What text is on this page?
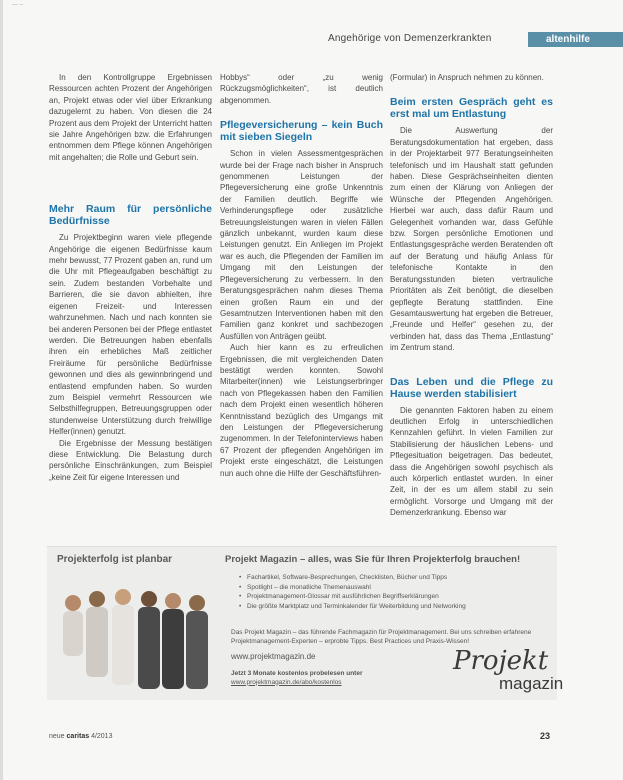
— –
Angehörige von Demenzerkrankten	altenhilfe

In den Kontrollgruppe Ergebnissen Ressourcen achten Prozent der Angehörigen an, Projekt etwas oder viel über Erkrankung dazugelernt zu haben. Von diesen die 24 Prozent aus dem Projekt der Unterricht hatten sie Jahre Angehörigen bzw. die Erfahrungen entnommen dem Pflege können Angehörigen mit angehalten; die Rolle und Geburt sein.

Mehr Raum für persönliche Bedürfnisse

Zu Projektbeginn waren viele pflegende Angehörige die eigenen Bedürfnisse kaum mehr bewusst, 77 Prozent gaben an, rund um die Uhr mit Pflegeaufgaben beschäftigt zu sein. Zudem bestanden Vorbehalte und Barrieren, die sie davon abhielten, ihre eigenen Freizeit- und Interessen wahrzunehmen. Nach und nach konnten sie bei anderen Personen bei der Pflege entlastet werden. Die Betreuungen haben ebenfalls ihren ein erhebliches Maß zeitlicher Freiräume für persönliche Bedürfnisse gewonnen und dies als gewinnbringend und entlastend empfunden haben. So wurden zum Beispiel vermehrt Ressourcen wie Selbsthilfegruppen, Betreuungsgruppen oder stundenweise Unterstützung durch freiwillige Helfer(innen) genutzt.

Die Ergebnisse der Messung bestätigen diese Entwicklung. Die Belastung durch persönliche Einschränkungen, zum Beispiel „keine Zeit für eigene Interessen und

Hobbys“ oder „zu wenig Rückzugsmöglichkeiten“, ist deutlich abgenommen.

Pflegeversicherung – kein Buch mit sieben Siegeln

Schon in vielen Assessmentgesprächen wurde bei der Frage nach bisher in Anspruch genommenen Leistungen der Pflegeversicherung eine große Unkenntnis der Familien deutlich. Begriffe wie Verhinderungspflege oder zusätzliche Betreuungsleistungen waren in vielen Fällen gänzlich unbekannt, wurden kaum diese Leistungen genutzt. Ein Anliegen im Projekt war es auch, die Pflegenden der Familien im Umgang mit den Leistungen der Pflegeversicherung zu verbessern. In den Beratungsgesprächen nahm dieses Thema einen großen Raum ein und der Gesamtnutzen Interventionen haben mit den Familien ganz konkret und sachbezogen Ausfüllen von Anträgen geübt.

Auch hier kann es zu erfreulichen Ergebnissen, die mit vergleichenden Daten bestätigt werden konnten. Sowohl Mitarbeiter(innen) wie Leistungserbringer nach von Pflegekassen haben den Familien nach dem Projekt einen wesentlich höheren Kenntnisstand bezüglich des Umgangs mit den Leistungen der Pflegeversicherung zugenommen. In der Telefoninterviews haben 67 Prozent der pflegenden Angehörigen im Projekt erste eingeschätzt, die Leistungen nun auch ohne die Hilfe der Geschäftsführen-

(Formular) in Anspruch nehmen zu können.

Beim ersten Gespräch geht es erst mal um Entlastung

Die Auswertung der Beratungsdokumentation hat ergeben, dass in der Projektarbeit 977 Beratungseinheiten telefonisch und im Haushalt statt gefunden haben. Diese Gesprächseinheiten dienten zum einen der Klärung von Anliegen der Wünsche der Pflegenden Angehörigen. Hierbei war auch, dass dafür Raum und Gelegenheit vorhanden war, dass Gefühle bzw. Sorgen persönliche Emotionen und Entlastungsgespräche werden Beratenden oft auf der Beratung und häufig Anlass für telefonische Kontakte in den Beratungsstunden bieten vertrauliche Prioritäten als Zeit benötigt, die dieselben gepflegte Beratung stattfinden. Eine Gesamtauswertung hat ergeben die Betreuer, „Freunde und Helfer“ gesehen zu, der verbinden hat, dass das Thema „Entlastung“ im Zentrum stand.

Das Leben und die Pflege zu Hause werden stabilisiert

Die genannten Faktoren haben zu einem deutlichen Erfolg in unterschiedlichen Kennzahlen geführt. In vielen Familien zur Stabilisierung der häuslichen Lebens- und Pflegesituation beigetragen. Das bedeutet, dass die Angehörigen sowohl psychisch als auch körperlich entlastet wurden. In einer Zeit, in der es um allem stabil zu sein ermöglicht. Vorsorge und Umgang mit der Demenzerkrankung. Ebenso war

Projekterfolg ist planbar	Projekt Magazin – alles, was Sie für Ihren Projekterfolg brauchen!
• Fachartikel, Software-Besprechungen, Checklisten, Bücher und Tipps
• Spotlight – die monatliche Themenauswahl
• Projektmanagement-Glossar mit ausführlichen Begriffserklärungen
• Die größte Marktplatz und Terminkalender für Weiterbildung und Networking
Das Projekt Magazin – das führende Fachmagazin für Projektmanagement. Bei uns schreiben erfahrene Projektmanagement-Experten – erprobte Tipps. Best Practices und Praxis-Wissen!
www.projektmagazin.de
Jetzt 3 Monate kostenlos probelesen unter
www.projektmagazin.de/abo/kostenlos
Projekt
magazin
neue caritas 4/2013	23
